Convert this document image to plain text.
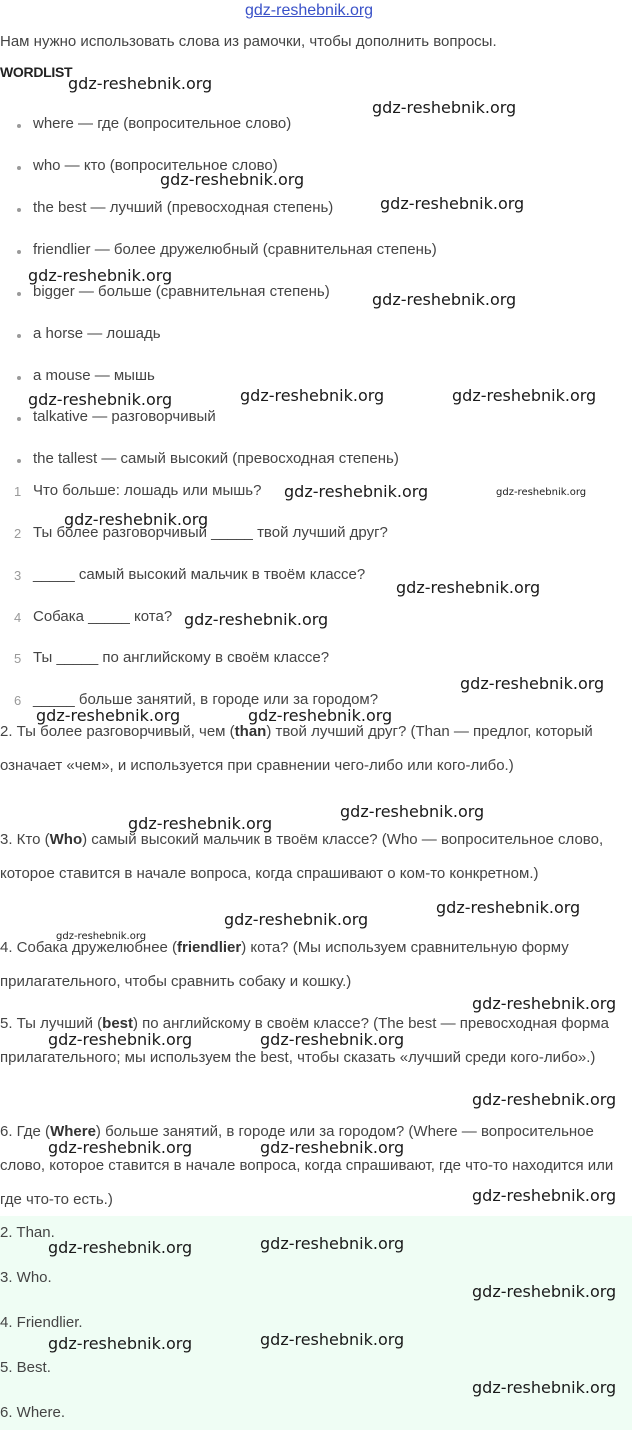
gdz-reshebnik.org
Нам нужно использовать слова из рамочки, чтобы дополнить вопросы.
WORDLIST
where — где (вопросительное слово)
who — кто (вопросительное слово)
the best — лучший (превосходная степень)
friendlier — более дружелюбный (сравнительная степень)
bigger — больше (сравнительная степень)
a horse — лошадь
a mouse — мышь
talkative — разговорчивый
the tallest — самый высокий (превосходная степень)
1 Что больше: лошадь или мышь?
2 Ты более разговорчивый _____ твой лучший друг?
3 _____ самый высокий мальчик в твоём классе?
4 Собака _____ кота?
5 Ты _____ по английскому в своём классе?
6 _____ больше занятий, в городе или за городом?
2. Ты более разговорчивый, чем (than) твой лучший друг? (Than — предлог, который означает «чем», и используется при сравнении чего-либо или кого-либо.)
3. Кто (Who) самый высокий мальчик в твоём классе? (Who — вопросительное слово, которое ставится в начале вопроса, когда спрашивают о ком-то конкретном.)
4. Собака дружелюбнее (friendlier) кота? (Мы используем сравнительную форму прилагательного, чтобы сравнить собаку и кошку.)
5. Ты лучший (best) по английскому в своём классе? (The best — превосходная форма прилагательного; мы используем the best, чтобы сказать «лучший среди кого-либо».)
6. Где (Where) больше занятий, в городе или за городом? (Where — вопросительное слово, которое ставится в начале вопроса, когда спрашивают, где что-то находится или где что-то есть.)
2. Than.
3. Who.
4. Friendlier.
5. Best.
6. Where.
gdz-reshebnik.org
gdz-reshebnik.org
gdz-reshebnik.org
gdz-reshebnik.org
gdz-reshebnik.org
gdz-reshebnik.org
gdz-reshebnik.org	gdz-reshebnik.org	gdz-reshebnik.org
gdz-reshebnik.org	gdz-reshebnik.org
gdz-reshebnik.org
gdz-reshebnik.org
gdz-reshebnik.org
gdz-reshebnik.org
gdz-reshebnik.org	gdz-reshebnik.org
gdz-reshebnik.org
gdz-reshebnik.org
gdz-reshebnik.org
gdz-reshebnik.org
gdz-reshebnik.org
gdz-reshebnik.org
gdz-reshebnik.org	gdz-reshebnik.org
gdz-reshebnik.org
gdz-reshebnik.org	gdz-reshebnik.org
gdz-reshebnik.org
gdz-reshebnik.org	gdz-reshebnik.org
gdz-reshebnik.org
gdz-reshebnik.org	gdz-reshebnik.org
gdz-reshebnik.org
